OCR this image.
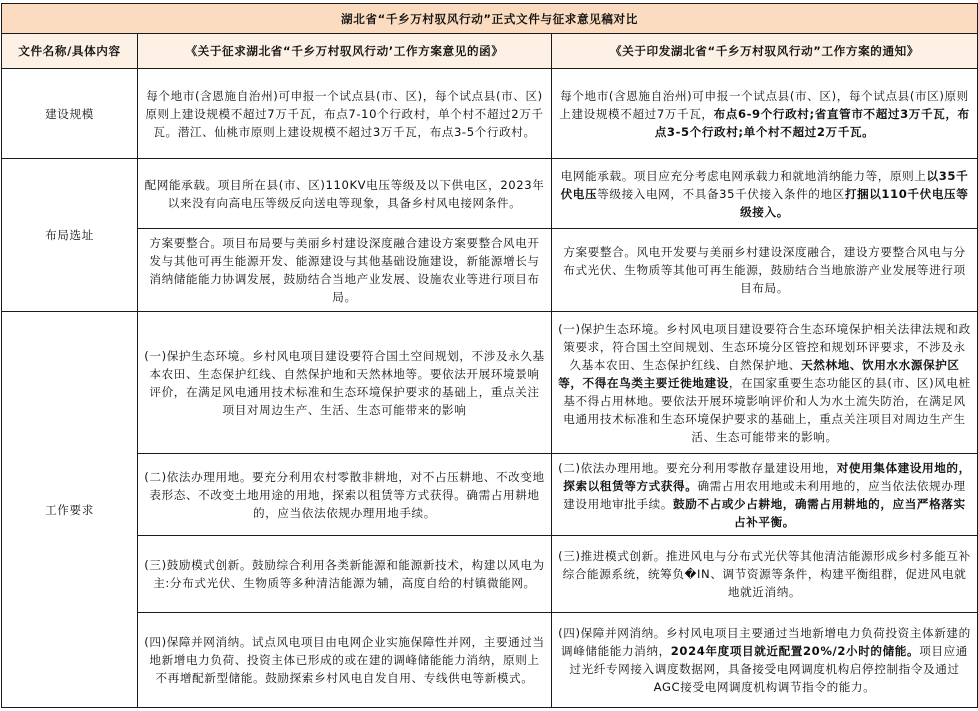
湖北省“千乡万村驭风行动”正式文件与征求意见稿对比		
文件名称/具体内容	《关于征求湖北省“千乡万村驭风行动’工作方案意见的函》	《关于印发湖北省“千乡万村驭风行动”工作方案的通知》
建设规模	每个地市(含恩施自治州)可申报一个试点县(市、区)，每个试点县(市、区)原则上建设规模不超过7万千瓦，布点7-10个行政村，单个村不超过2万千瓦。潜江、仙桃市原则上建设规模不超过3万千瓦，布点3-5个行政村。	每个地市(含恩施自治州)可申报一个试点县(市、区)，每个试点县(市区)原则上建设规模不超过7万千瓦，布点6-9个行政村;省直管市不超过3万千瓦，布点3-5个行政村;单个村不超过2万千瓦。
布局选址	配网能承载。项目所在县(市、区)110KV电压等级及以下供电区，2023年以来没有向高电压等级反向送电等现象，具备乡村风电接网条件。	电网能承载。项目应充分考虑电网承载力和就地消纳能力等，原则上以35千伏电压等级接入电网，不具备35千伏接入条件的地区打捆以110千伏电压等级接入。
	方案要整合。项目布局要与美丽乡村建设深度融合建设方案要整合风电开发与其他可再生能源开发、能源建设与其他基础设施建设，新能源增长与消纳储能能力协调发展，鼓励结合当地产业发展、设施农业等进行项目布局。	方案要整合。风电开发要与美丽乡村建设深度融合，建设方要整合风电与分布式光伏、生物质等其他可再生能源，鼓励结合当地旅游产业发展等进行项目布局。
工作要求	(一)保护生态环境。乡村风电项目建设要符合国土空间规划，不涉及永久基本农田、生态保护红线、自然保护地和天然林地等。要依法开展环境景响评价，在满足风电通用技术标准和生态环境保护要求的基础上，重点关注项目对周边生产、生活、生态可能带来的影响	(一)保护生态环境。乡村风电项目建设要符合生态环境保护相关法律法规和政策要求，符合国土空间规划、生态环境分区管控和规划环评要求，不涉及永久基本农田、生态保护红线、自然保护地、天然林地、饮用水水源保护区等，不得在鸟类主要迁徙地建设，在国家重要生态功能区的县(市、区)风电桩基不得占用林地。要依法开展环境影响评价和人为水土流失防治，在满足风电通用技术标准和生态环境保护要求的基础上，重点关注项目对周边生产生活、生态可能带来的影响。
	(二)依法办理用地。要充分利用农村零散非耕地，对不占压耕地、不改变地表形态、不改变土地用途的用地，探索以租赁等方式获得。确需占用耕地的，应当依法依规办理用地手续。	(二)依法办理用地。要充分利用零散存量建设用地，对使用集体建设用地的，探索以租赁等方式获得。确需占用农用地或未利用地的，应当依法依规办理建设用地审批手续。鼓励不占或少占耕地，确需占用耕地的，应当严格落实占补平衡。
	(三)鼓励模式创新。鼓励综合利用各类新能源和能源新技术，构建以风电为主:分布式光伏、生物质等多种清洁能源为辅，高度自给的村镇微能网。	(三)推进模式创新。推进风电与分布式光伏等其他清洁能源形成乡村多能互补综合能源系统，统筹负�IN、调节资源等条件，构建平衡组群，促进风电就地就近消纳。
	(四)保障并网消纳。试点风电项目由电网企业实施保障性并网，主要通过当地新增电力负荷、投资主体已形成的或在建的调峰储能能力消纳，原则上不再增配新型储能。鼓励探索乡村风电自发自用、专线供电等新模式。	(四)保障并网消纳。乡村风电项目主要通过当地新增电力负荷投资主体新建的调峰储能能力消纳，2024年度项目就近配置20%/2小时的储能。项目应通过光纤专网接入调度数据网，具备接受电网调度机构启停控制指令及通过AGC接受电网调度机构调节指令的能力。
